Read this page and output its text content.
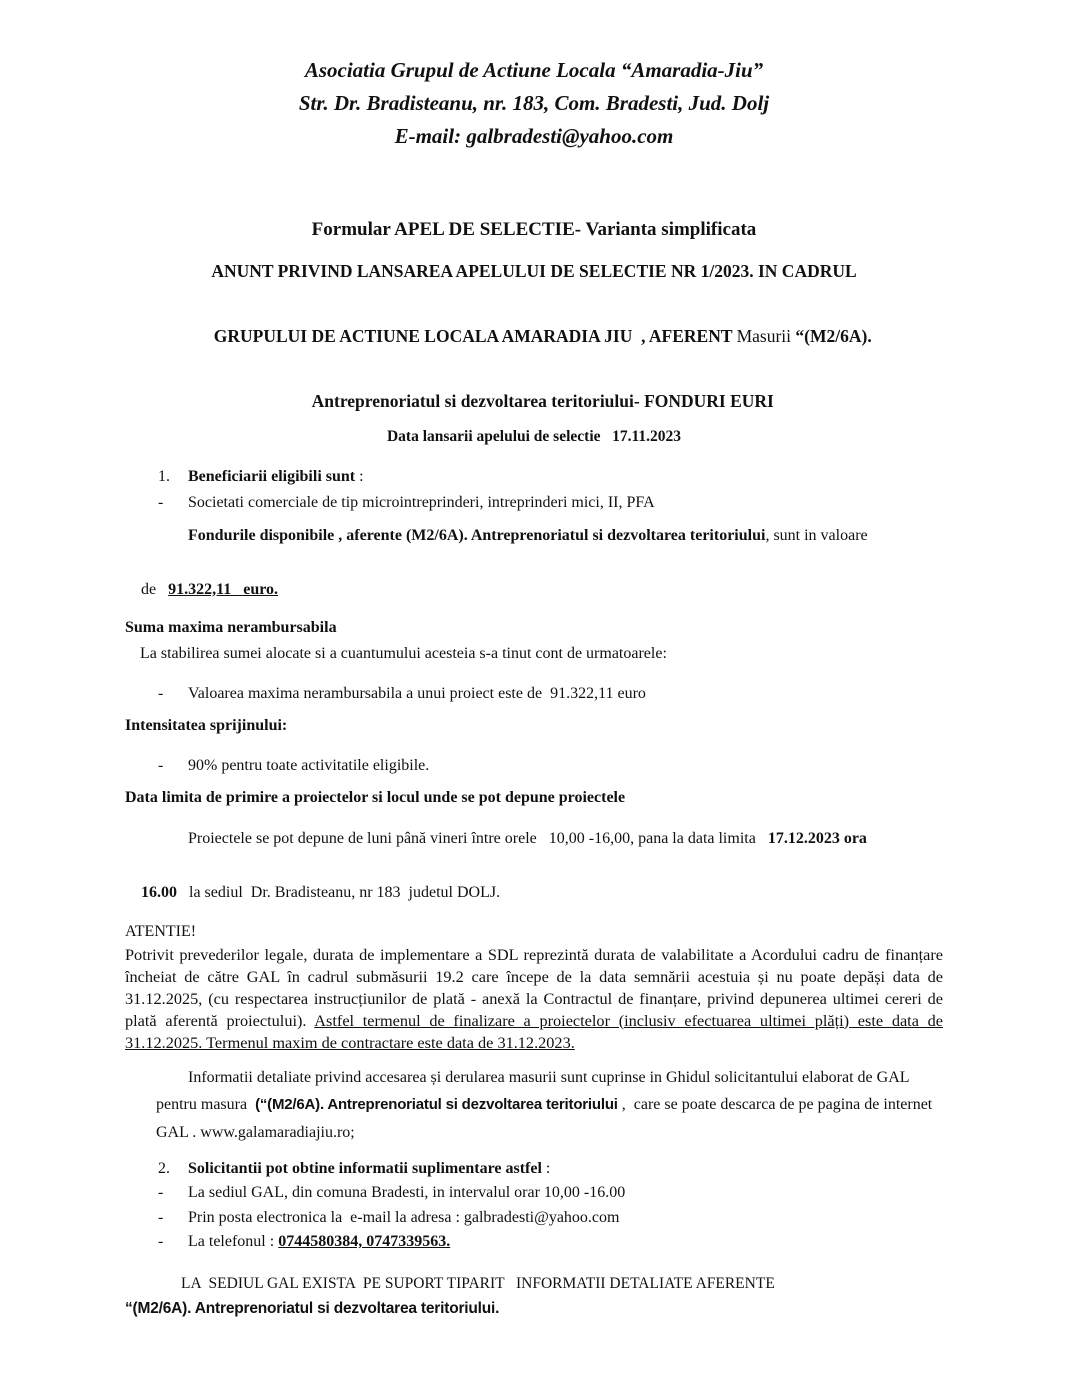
Asociatia Grupul de Actiune Locala “Amaradia-Jiu”
Str. Dr. Bradisteanu, nr. 183, Com. Bradesti, Jud. Dolj
E-mail: galbradesti@yahoo.com

Formular APEL DE SELECTIE- Varianta simplificata

ANUNT PRIVIND LANSAREA APELULUI DE SELECTIE NR 1/2023. IN CADRUL

GRUPULUI DE ACTIUNE LOCALA AMARADIA JIU  , AFERENT Masurii “(M2/6A).

Antreprenoriatul si dezvoltarea teritoriului- FONDURI EURI

Data lansarii apelului de selectie   17.11.2023

1.	Beneficiarii eligibili sunt :
-	Societati comerciale de tip microintreprinderi, intreprinderi mici, II, PFA

Fondurile disponibile , aferente (M2/6A). Antreprenoriatul si dezvoltarea teritoriului, sunt in valoare

de   91.322,11   euro.

Suma maxima nerambursabila

La stabilirea sumei alocate si a cuantumului acesteia s-a tinut cont de urmatoarele:

-	Valoarea maxima nerambursabila a unui proiect este de  91.322,11 euro

Intensitatea sprijinului:

-	90% pentru toate activitatile eligibile.

Data limita de primire a proiectelor si locul unde se pot depune proiectele

Proiectele se pot depune de luni până vineri între orele   10,00 -16,00, pana la data limita   17.12.2023 ora

16.00   la sediul  Dr. Bradisteanu, nr 183  judetul DOLJ.

ATENTIE!

Potrivit prevederilor legale, durata de implementare a SDL reprezintă durata de valabilitate a Acordului cadru de finanțare încheiat de către GAL în cadrul submăsurii 19.2 care începe de la data semnării acestuia și nu poate depăși data de 31.12.2025, (cu respectarea instrucțiunilor de plată - anexă la Contractul de finanțare, privind depunerea ultimei cereri de plată aferentă proiectului). Astfel termenul de finalizare a proiectelor (inclusiv efectuarea ultimei plăți) este data de 31.12.2025. Termenul maxim de contractare este data de 31.12.2023.

Informatii detaliate privind accesarea și derularea masurii sunt cuprinse in Ghidul solicitantului elaborat de GAL pentru masura  (“(M2/6A). Antreprenoriatul si dezvoltarea teritoriului ,  care se poate descarca de pe pagina de internet GAL . www.galamaradiajiu.ro;

2.	Solicitantii pot obtine informatii suplimentare astfel :
-	La sediul GAL, din comuna Bradesti, in intervalul orar 10,00 -16.00
-	Prin posta electronica la  e-mail la adresa : galbradesti@yahoo.com
-	La telefonul : 0744580384, 0747339563.

LA  SEDIUL GAL EXISTA  PE SUPORT TIPARIT   INFORMATII DETALIATE AFERENTE

“(M2/6A). Antreprenoriatul si dezvoltarea teritoriului.
